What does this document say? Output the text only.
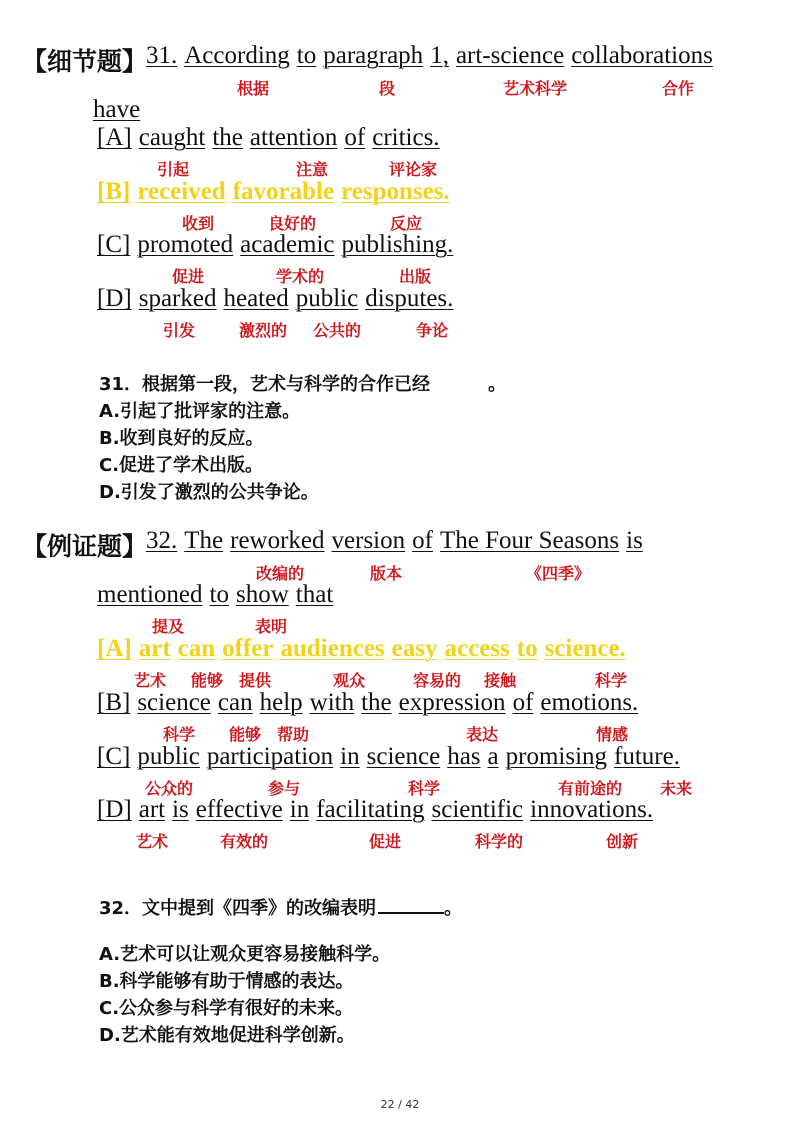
【细节题】
31. According to paragraph 1, art-science collaborations
根据	段	艺术科学	合作
have
[A] caught the attention of critics.
引起	注意	评论家
[B] received favorable responses.
收到	良好的	反应
[C] promoted academic publishing.
促进	学术的	出版
[D] sparked heated public disputes.
引发	激烈的 公共的	争论
31．根据第一段，艺术与科学的合作已经	。
A.引起了批评家的注意。
B.收到良好的反应。
C.促进了学术出版。
D.引发了激烈的公共争论。
【例证题】
32. The reworked version of The Four Seasons is
改编的	版本	《四季》
mentioned to show that
提及	表明
[A] art can offer audiences easy access to science.
艺术 能够 提供	观众	容易的 接触	科学
[B] science can help with the expression of emotions.
科学 能够 帮助	表达	情感
[C] public participation in science has a promising future.
公众的	参与	科学	有前途的 未来
[D] art is effective in facilitating scientific innovations.
艺术	有效的	促进	科学的	创新
32．文中提到《四季》的改编表明	。
A.艺术可以让观众更容易接触科学。
B.科学能够有助于情感的表达。
C.公众参与科学有很好的未来。
D.艺术能有效地促进科学创新。
22 / 42
